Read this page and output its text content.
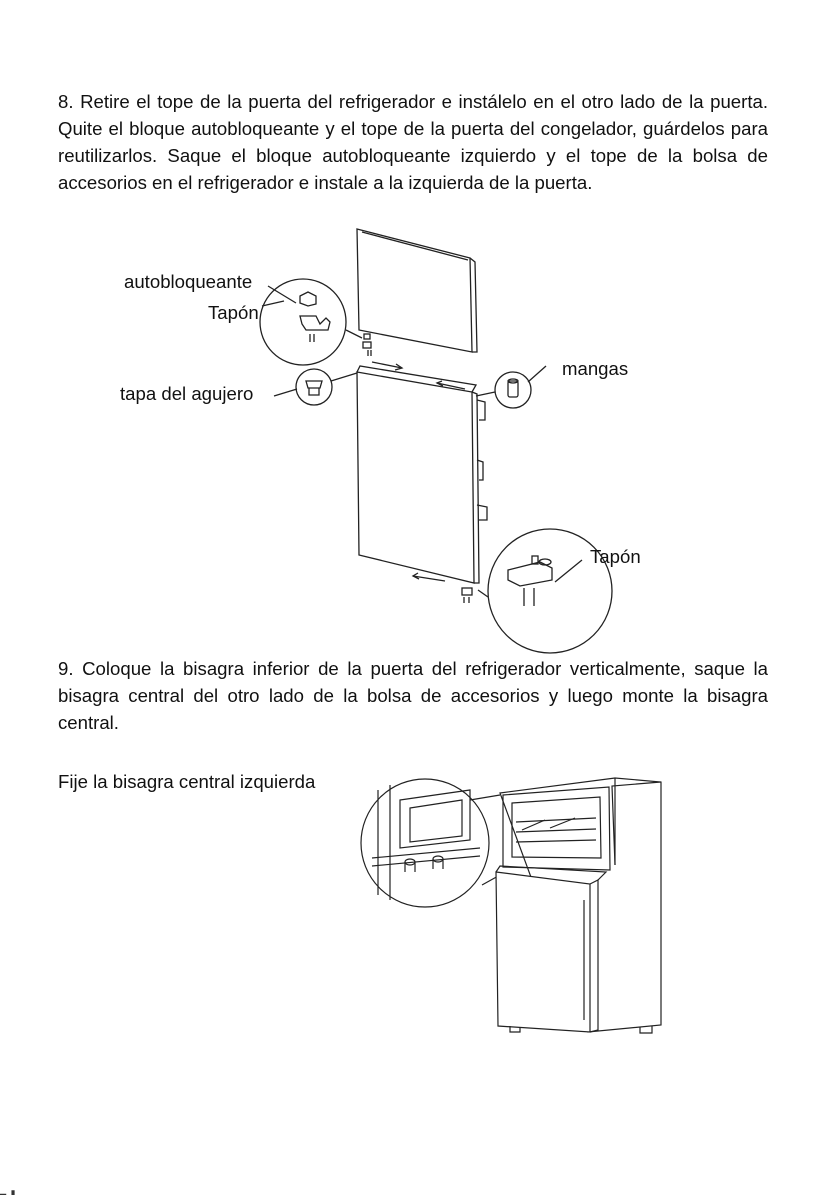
8. Retire el tope de la puerta del refrigerador e instálelo en el otro lado de la puerta. Quite el bloque autobloqueante y el tope de la puerta del congelador, guárdelos para reutilizarlos. Saque el bloque autobloqueante izquierdo y el tope de la bolsa de accesorios en el refrigerador e instale a la izquierda de la puerta.

autobloqueante
Tapón
tapa del agujero
mangas
Tapón

9. Coloque la bisagra inferior de la puerta del refrigerador verticalmente, saque la bisagra central del otro lado de la bolsa de accesorios y luego monte la bisagra central.

Fije la bisagra central izquierda
▁ ▗
